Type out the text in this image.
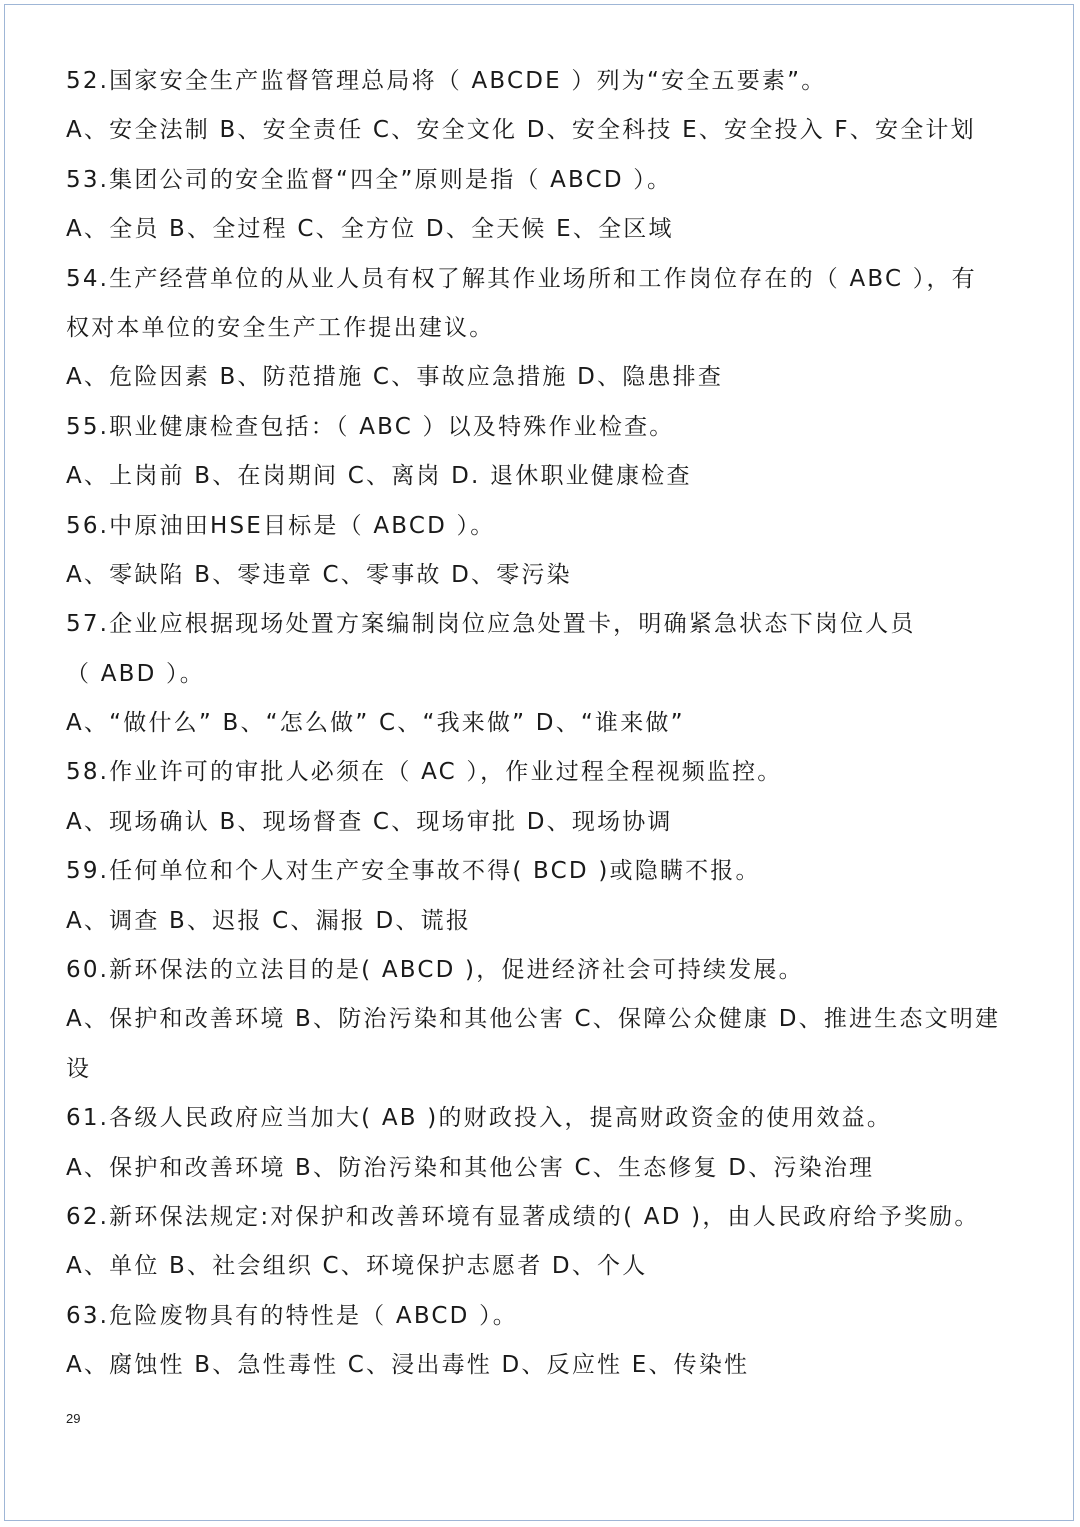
52.国家安全生产监督管理总局将（ ABCDE ）列为“安全五要素”。
A、安全法制 B、安全责任 C、安全文化 D、安全科技 E、安全投入 F、安全计划
53.集团公司的安全监督“四全”原则是指（ ABCD ）。
A、全员 B、全过程 C、全方位 D、全天候 E、全区域
54.生产经营单位的从业人员有权了解其作业场所和工作岗位存在的（ ABC ），有
权对本单位的安全生产工作提出建议。
A、危险因素 B、防范措施 C、事故应急措施 D、隐患排查
55.职业健康检查包括：（ ABC ）以及特殊作业检查。
A、上岗前 B、在岗期间 C、离岗 D. 退休职业健康检查
56.中原油田HSE目标是（ ABCD ）。
A、零缺陷 B、零违章 C、零事故 D、零污染
57.企业应根据现场处置方案编制岗位应急处置卡，明确紧急状态下岗位人员
（ ABD ）。
A、“做什么” B、“怎么做” C、“我来做” D、“谁来做”
58.作业许可的审批人必须在（ AC ），作业过程全程视频监控。
A、现场确认 B、现场督查 C、现场审批 D、现场协调
59.任何单位和个人对生产安全事故不得( BCD )或隐瞒不报。
A、调查 B、迟报 C、漏报 D、谎报
60.新环保法的立法目的是( ABCD )，促进经济社会可持续发展。
A、保护和改善环境 B、防治污染和其他公害 C、保障公众健康 D、推进生态文明建
设
61.各级人民政府应当加大( AB )的财政投入，提高财政资金的使用效益。
A、保护和改善环境 B、防治污染和其他公害 C、生态修复 D、污染治理
62.新环保法规定:对保护和改善环境有显著成绩的( AD )，由人民政府给予奖励。
A、单位 B、社会组织 C、环境保护志愿者 D、个人
63.危险废物具有的特性是（ ABCD ）。
A、腐蚀性 B、急性毒性 C、浸出毒性 D、反应性 E、传染性
29
